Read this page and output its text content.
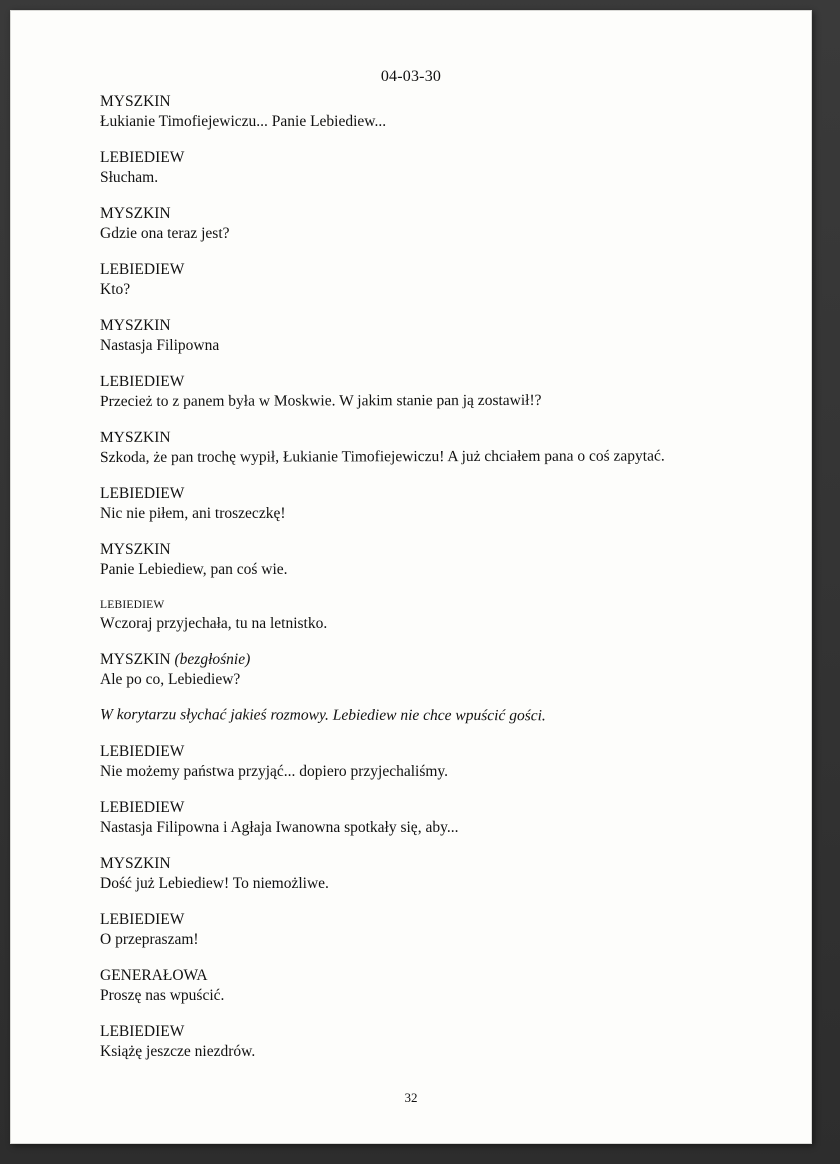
04-03-30
MYSZKIN
Łukianie Timofiejewiczu... Panie Lebiediew...
LEBIEDIEW
Słucham.
MYSZKIN
Gdzie ona teraz jest?
LEBIEDIEW
Kto?
MYSZKIN
Nastasja Filipowna
LEBIEDIEW
Przecież to z panem była w Moskwie. W jakim stanie pan ją zostawił!?
MYSZKIN
Szkoda, że pan trochę wypił, Łukianie Timofiejewiczu! A już chciałem pana o coś zapytać.
LEBIEDIEW
Nic nie piłem, ani troszeczkę!
MYSZKIN
Panie Lebiediew, pan coś wie.
LEBIEDIEW
Wczoraj przyjechała, tu na letnistko.
MYSZKIN (bezgłośnie)
Ale po co, Lebiediew?
W korytarzu słychać jakieś rozmowy. Lebiediew nie chce wpuścić gości.
LEBIEDIEW
Nie możemy państwa przyjąć... dopiero przyjechaliśmy.
LEBIEDIEW
Nastasja Filipowna i Agłaja Iwanowna spotkały się, aby...
MYSZKIN
Dość już Lebiediew! To niemożliwe.
LEBIEDIEW
O przepraszam!
GENERAŁOWA
Proszę nas wpuścić.
LEBIEDIEW
Książę jeszcze niezdrów.
32
